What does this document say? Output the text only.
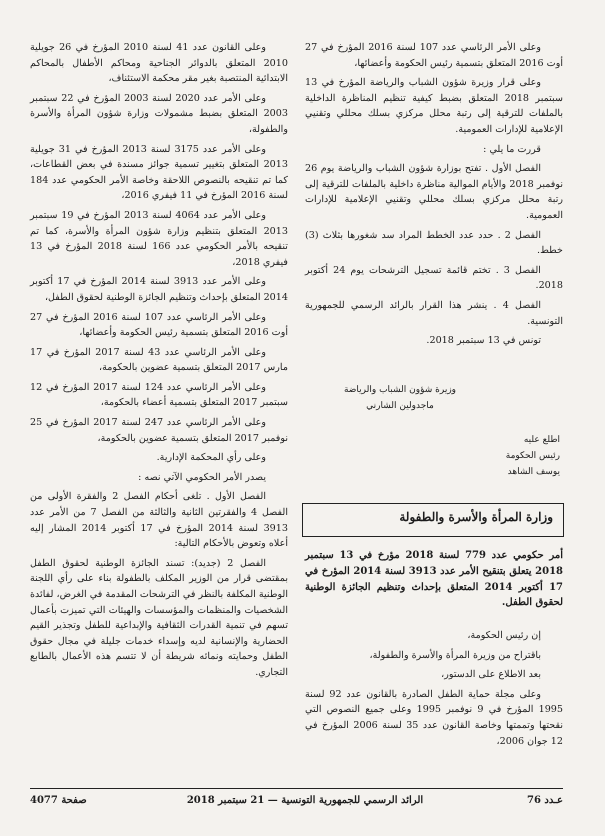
وعلى الأمر الرئاسي عدد 107 لسنة 2016 المؤرخ في 27 أوت 2016 المتعلق بتسمية رئيس الحكومة وأعضائها،

وعلى قرار وزيرة شؤون الشباب والرياضة المؤرخ في 13 سبتمبر 2018 المتعلق بضبط كيفية تنظيم المناظرة الداخلية بالملفات للترقية إلى رتبة محلل مركزي بسلك محللي وتقنيي الإعلامية للإدارات العمومية.

قررت ما يلي :

الفصل الأول . تفتح بوزارة شؤون الشباب والرياضة يوم 26 نوفمبر 2018 والأيام الموالية مناظرة داخلية بالملفات للترقية إلى رتبة محلل مركزي بسلك محللي وتقنيي الإعلامية للإدارات العمومية.

الفصل 2 . حدد عدد الخطط المراد سد شغورها بثلاث (3) خطط.

الفصل 3 . تختم قائمة تسجيل الترشحات يوم 24 أكتوبر 2018.

الفصل 4 . ينشر هذا القرار بالرائد الرسمي للجمهورية التونسية.

تونس في 13 سبتمبر 2018.

وزيرة شؤون الشباب والرياضة
ماجدولين الشارني
اطلع عليه
رئيس الحكومة
يوسف الشاهد
وزارة المرأة والأسرة والطفولة
أمر حكومي عدد 779 لسنة 2018 مؤرخ في 13 سبتمبر 2018 يتعلق بتنقيح الأمر عدد 3913 لسنة 2014 المؤرخ في 17 أكتوبر 2014 المتعلق بإحداث وتنظيم الجائزة الوطنية لحقوق الطفل.

إن رئيس الحكومة،

باقتراح من وزيرة المرأة والأسرة والطفولة،

بعد الاطلاع على الدستور،

وعلى مجلة حماية الطفل الصادرة بالقانون عدد 92 لسنة 1995 المؤرخ في 9 نوفمبر 1995 وعلى جميع النصوص التي نقحتها وتممتها وخاصة القانون عدد 35 لسنة 2006 المؤرخ في 12 جوان 2006،

وعلى القانون عدد 41 لسنة 2010 المؤرخ في 26 جويلية 2010 المتعلق بالدوائر الجناحية ومحاكم الأطفال بالمحاكم الابتدائية المنتصبة بغير مقر محكمة الاستئناف،

وعلى الأمر عدد 2020 لسنة 2003 المؤرخ في 22 سبتمبر 2003 المتعلق بضبط مشمولات وزارة شؤون المرأة والأسرة والطفولة،

وعلى الأمر عدد 3175 لسنة 2013 المؤرخ في 31 جويلية 2013 المتعلق بتغيير تسمية جوائز مسندة في بعض القطاعات، كما تم تنقيحه بالنصوص اللاحقة وخاصة الأمر الحكومي عدد 184 لسنة 2016 المؤرخ في 11 فيفري 2016،

وعلى الأمر عدد 4064 لسنة 2013 المؤرخ في 19 سبتمبر 2013 المتعلق بتنظيم وزارة شؤون المرأة والأسرة، كما تم تنقيحه بالأمر الحكومي عدد 166 لسنة 2018 المؤرخ في 13 فيفري 2018،

وعلى الأمر عدد 3913 لسنة 2014 المؤرخ في 17 أكتوبر 2014 المتعلق بإحداث وتنظيم الجائزة الوطنية لحقوق الطفل،

وعلى الأمر الرئاسي عدد 107 لسنة 2016 المؤرخ في 27 أوت 2016 المتعلق بتسمية رئيس الحكومة وأعضائها،

وعلى الأمر الرئاسي عدد 43 لسنة 2017 المؤرخ في 17 مارس 2017 المتعلق بتسمية عضوين بالحكومة،

وعلى الأمر الرئاسي عدد 124 لسنة 2017 المؤرخ في 12 سبتمبر 2017 المتعلق بتسمية أعضاء بالحكومة،

وعلى الأمر الرئاسي عدد 247 لسنة 2017 المؤرخ في 25 نوفمبر 2017 المتعلق بتسمية عضوين بالحكومة،

وعلى رأي المحكمة الإدارية.

يصدر الأمر الحكومي الآتي نصه :

الفصل الأول . تلغى أحكام الفصل 2 والفقرة الأولى من الفصل 4 والفقرتين الثانية والثالثة من الفصل 7 من الأمر عدد 3913 لسنة 2014 المؤرخ في 17 أكتوبر 2014 المشار إليه أعلاه وتعوض بالأحكام التالية:

الفصل 2 (جديد): تسند الجائزة الوطنية لحقوق الطفل بمقتضى قرار من الوزير المكلف بالطفولة بناء على رأي اللجنة الوطنية المكلفة بالنظر في الترشحات المقدمة في الغرض، لفائدة الشخصيات والمنظمات والمؤسسات والهيئات التي تميزت بأعمال تسهم في تنمية القدرات الثقافية والإبداعية للطفل وتجذير القيم الحضارية والإنسانية لديه وإسداء خدمات جليلة في مجال حقوق الطفل وحمايته ونمائه شريطة أن لا تتسم هذه الأعمال بالطابع التجاري.

عـدد 76
الرائد الرسمي للجمهورية التونسية — 21 سبتمبر 2018
صفحة 4077
